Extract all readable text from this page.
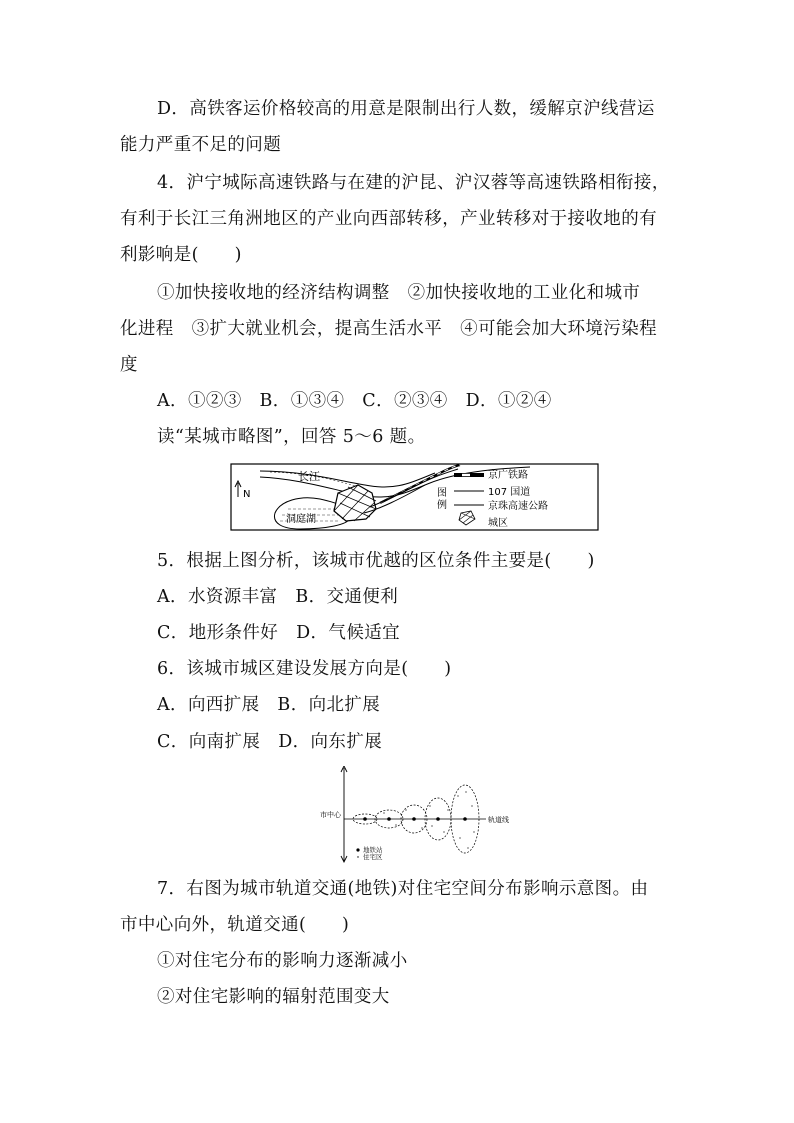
D．高铁客运价格较高的用意是限制出行人数，缓解京沪线营运
能力严重不足的问题
4．沪宁城际高速铁路与在建的沪昆、沪汉蓉等高速铁路相衔接，
有利于长江三角洲地区的产业向西部转移，产业转移对于接收地的有
利影响是(　　)
①加快接收地的经济结构调整　②加快接收地的工业化和城市
化进程　③扩大就业机会，提高生活水平　④可能会加大环境污染程
度
A．①②③　B．①③④　C．②③④　D．①②④
读“某城市略图”，回答 5～6 题。
长江
洞庭湖
N	图
例
京广铁路
107 国道
京珠高速公路
城区
5．根据上图分析，该城市优越的区位条件主要是(　　)
A．水资源丰富　B．交通便利
C．地形条件好　D．气候适宜
6．该城市城区建设发展方向是(　　)
A．向西扩展　B．向北扩展
C．向南扩展　D．向东扩展
市中心
轨道线
地铁站
住宅区
7．右图为城市轨道交通(地铁)对住宅空间分布影响示意图。由
市中心向外，轨道交通(　　)
①对住宅分布的影响力逐渐减小
②对住宅影响的辐射范围变大
